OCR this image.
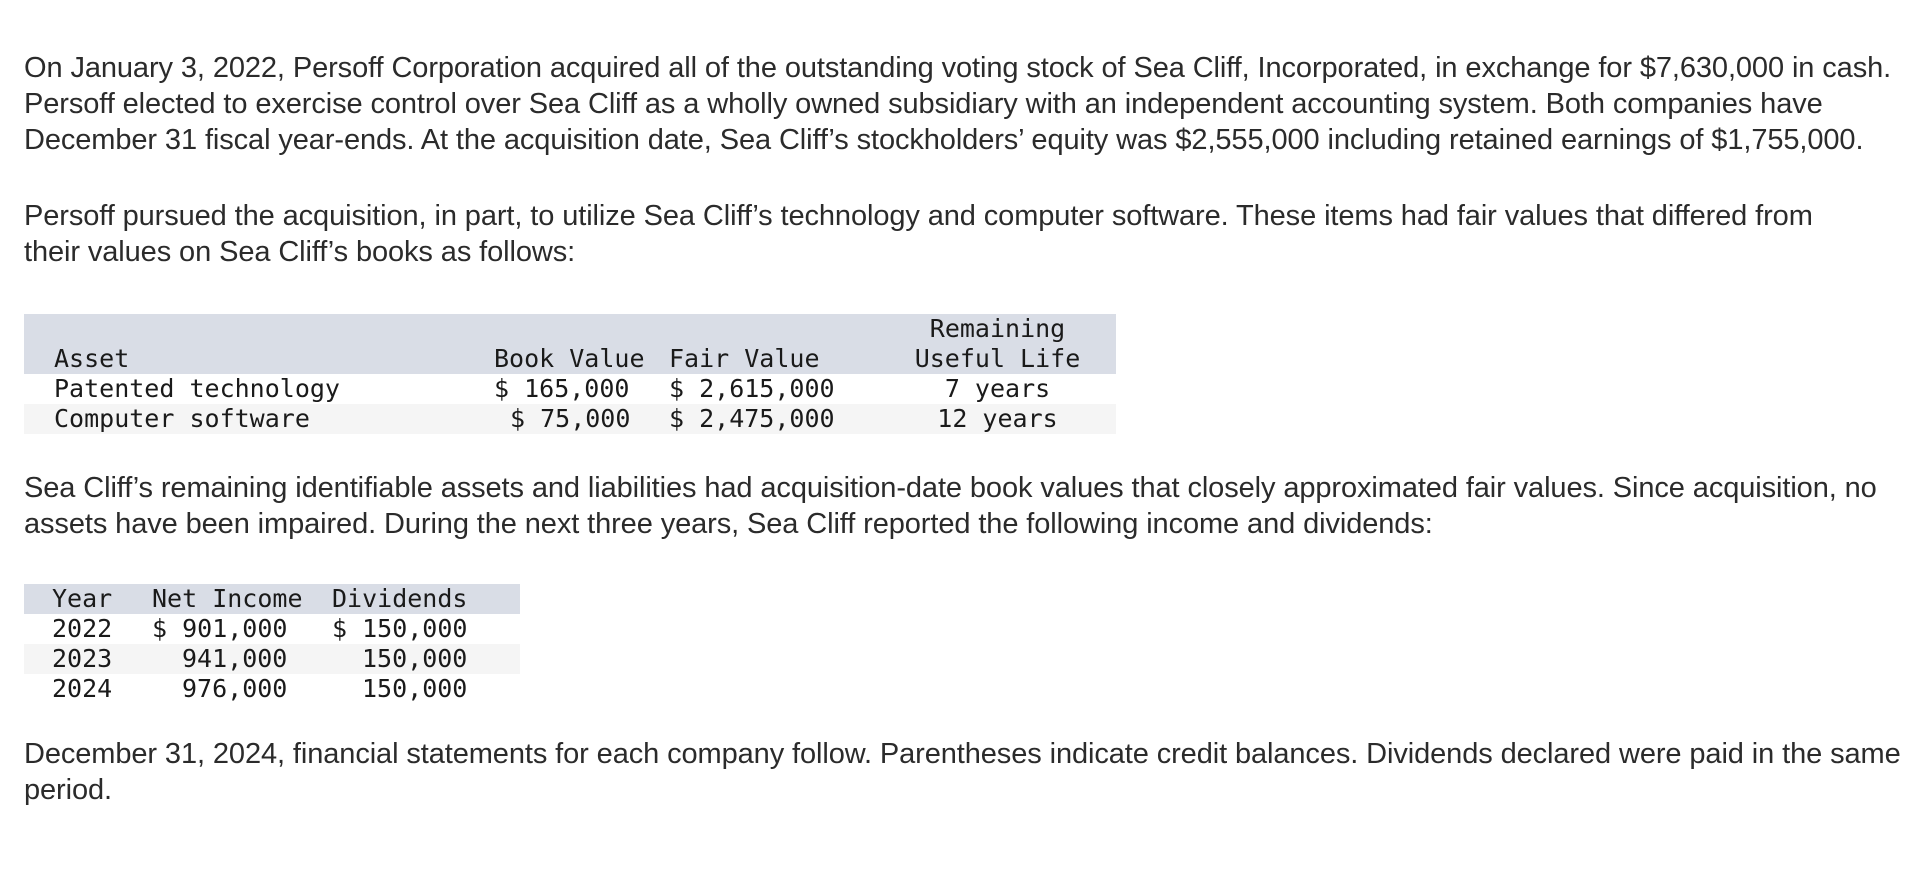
On January 3, 2022, Persoff Corporation acquired all of the outstanding voting stock of Sea Cliff, Incorporated, in exchange for $7,630,000 in cash. Persoff elected to exercise control over Sea Cliff as a wholly owned subsidiary with an independent accounting system. Both companies have December 31 fiscal year-ends. At the acquisition date, Sea Cliff’s stockholders’ equity was $2,555,000 including retained earnings of $1,755,000.

Persoff pursued the acquisition, in part, to utilize Sea Cliff’s technology and computer software. These items had fair values that differed from their values on Sea Cliff’s books as follows:

	Asset	Book Value	Fair Value	Remaining
Useful Life
	Patented technology	$ 165,000	$ 2,615,000	7 years
	Computer software	$ 75,000	$ 2,475,000	12 years

Sea Cliff’s remaining identifiable assets and liabilities had acquisition-date book values that closely approximated fair values. Since acquisition, no assets have been impaired. During the next three years, Sea Cliff reported the following income and dividends:

	Year	Net Income	Dividends
	2022	$ 901,000	$ 150,000
	2023	941,000	150,000
	2024	976,000	150,000

December 31, 2024, financial statements for each company follow. Parentheses indicate credit balances. Dividends declared were paid in the same period.
